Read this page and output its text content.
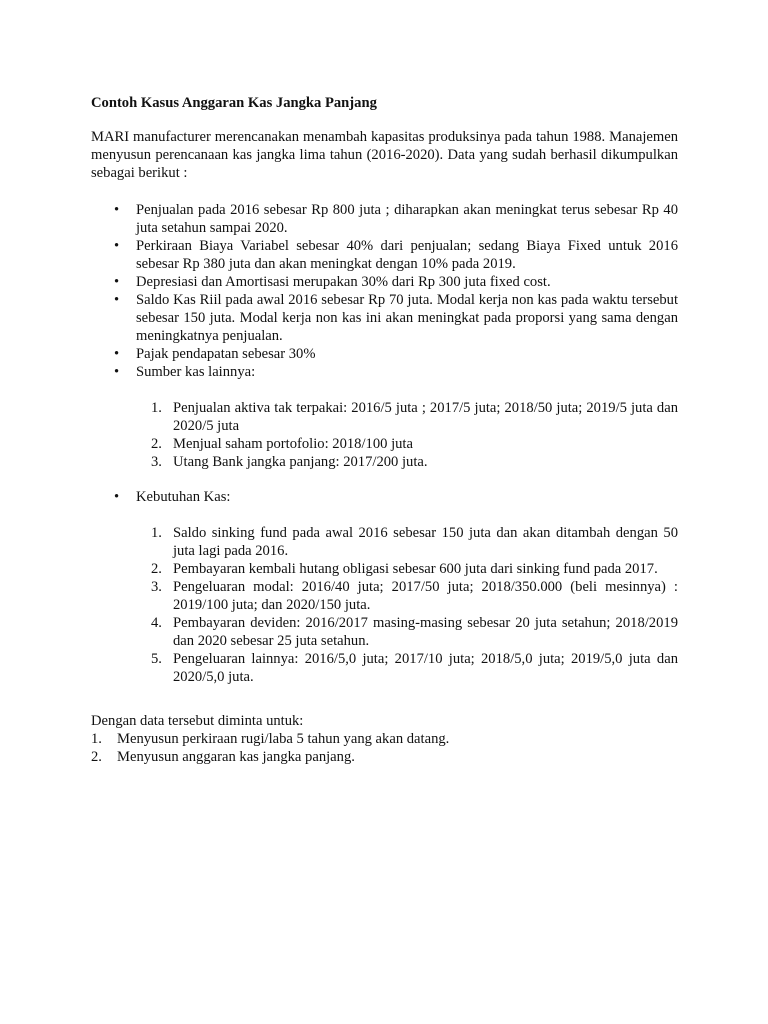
Contoh Kasus Anggaran Kas Jangka Panjang

MARI manufacturer merencanakan menambah kapasitas produksinya pada tahun 1988. Manajemen menyusun perencanaan kas jangka lima tahun (2016-2020). Data yang sudah berhasil dikumpulkan sebagai berikut :

• Penjualan pada 2016 sebesar Rp 800 juta ; diharapkan akan meningkat terus sebesar Rp 40 juta setahun sampai 2020.
• Perkiraan Biaya Variabel sebesar 40% dari penjualan; sedang Biaya Fixed untuk 2016 sebesar Rp 380 juta dan akan meningkat dengan 10% pada 2019.
• Depresiasi dan Amortisasi merupakan 30% dari Rp 300 juta fixed cost.
• Saldo Kas Riil pada awal 2016 sebesar Rp 70 juta. Modal kerja non kas pada waktu tersebut sebesar 150 juta. Modal kerja non kas ini akan meningkat pada proporsi yang sama dengan meningkatnya penjualan.
• Pajak pendapatan sebesar 30%
• Sumber kas lainnya:
1. Penjualan aktiva tak terpakai: 2016/5 juta ; 2017/5 juta; 2018/50 juta; 2019/5 juta dan 2020/5 juta
2. Menjual saham portofolio: 2018/100 juta
3. Utang Bank jangka panjang: 2017/200 juta.
• Kebutuhan Kas:
1. Saldo sinking fund pada awal 2016 sebesar 150 juta dan akan ditambah dengan 50 juta lagi pada 2016.
2. Pembayaran kembali hutang obligasi sebesar 600 juta dari sinking fund pada 2017.
3. Pengeluaran modal: 2016/40 juta; 2017/50 juta; 2018/350.000 (beli mesinnya) : 2019/100 juta; dan 2020/150 juta.
4. Pembayaran deviden: 2016/2017 masing-masing sebesar 20 juta setahun; 2018/2019 dan 2020 sebesar 25 juta setahun.
5. Pengeluaran lainnya: 2016/5,0 juta; 2017/10 juta; 2018/5,0 juta; 2019/5,0 juta dan 2020/5,0 juta.

Dengan data tersebut diminta untuk:

1. Menyusun perkiraan rugi/laba 5 tahun yang akan datang.
2. Menyusun anggaran kas jangka panjang.
